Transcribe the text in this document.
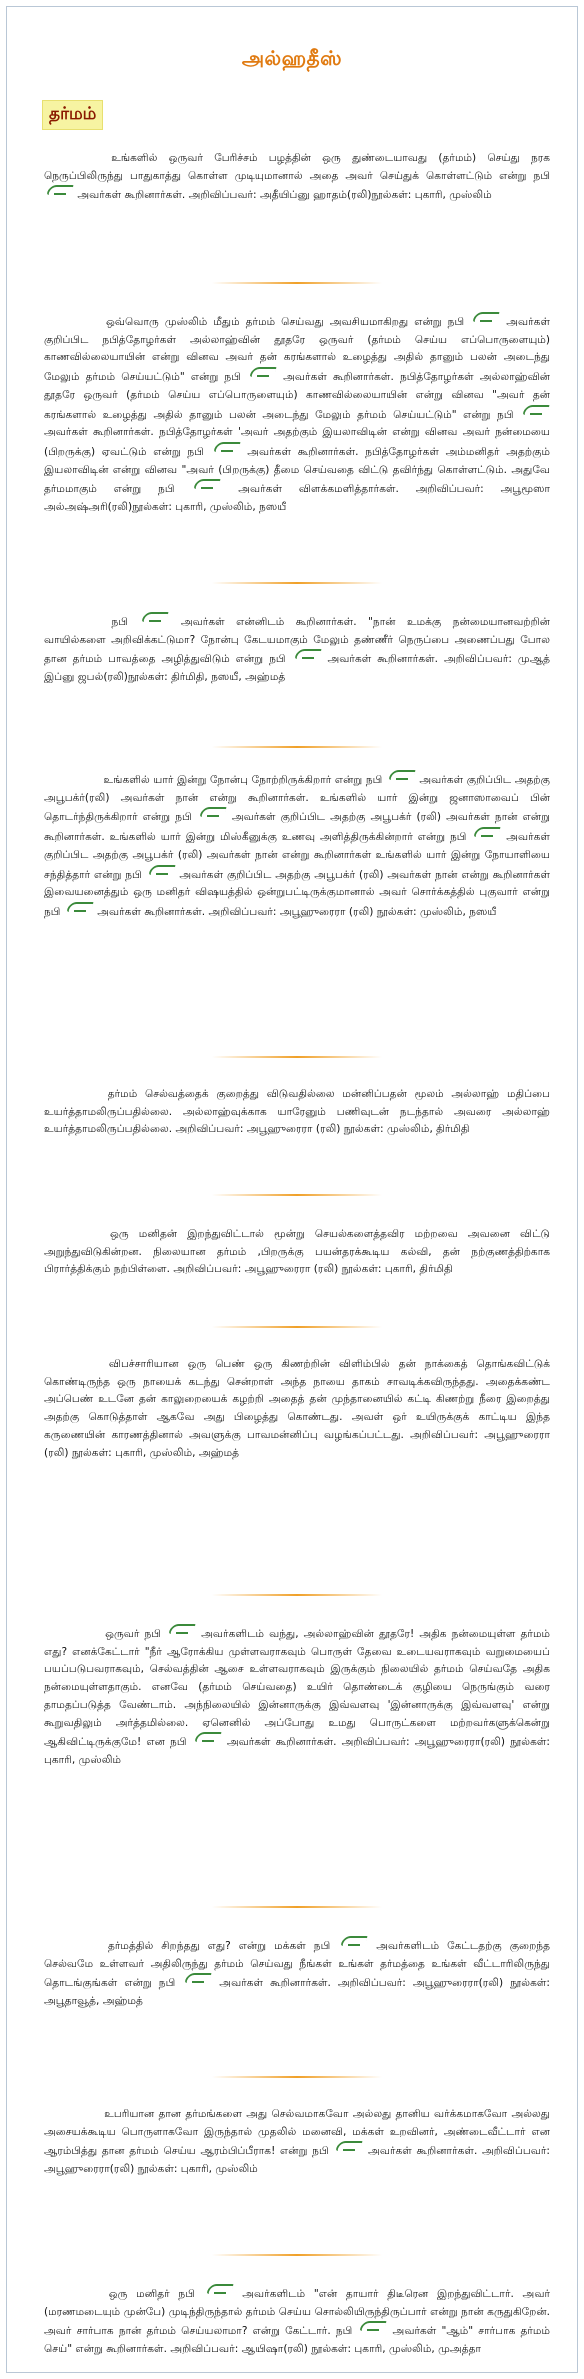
அல்ஹதீஸ்
தர்மம்

உங்களில் ஒருவர் பேரிச்சம் பழத்தின் ஒரு துண்டையாவது (தர்மம்) செய்து நரக நெருப்பிலிருந்து பாதுகாத்து கொள்ள முடியுமானால் அதை அவர் செய்துக் கொள்ளட்டும் என்று நபி  அவர்கள் கூறினார்கள். அறிவிப்பவர்: அதீயிப்னு ஹாதம்(ரலி)நூல்கள்: புகாரி, முஸ்லிம்

ஒவ்வொரு முஸ்லிம் மீதும் தர்மம் செய்வது அவசியமாகிறது என்று நபி	அவர்கள் குறிப்பிட நபித்தோழர்கள் அல்லாஹ்வின் தூதரே ஒருவர் (தர்மம் செய்ய எப்பொருளையும்) காணவில்லையாயின் என்று வினவ அவர் தன் கரங்களால் உழைத்து அதில் தானும் பலன் அடைந்து மேலும் தர்மம் செய்யட்டும்" என்று நபி	அவர்கள் கூறினார்கள். நபித்தோழர்கள் அல்லாஹ்வின் தூதரே ஒருவர் (தர்மம் செய்ய எப்பொருளையும்) காணவில்லையாயின் என்று வினவ "அவர் தன் கரங்களால் உழைத்து அதில் தானும் பலன் அடைந்து மேலும் தர்மம் செய்யட்டும்" என்று நபி  அவர்கள் கூறினார்கள். நபித்தோழர்கள் 'அவர் அதற்கும் இயலாவிடின் என்று வினவ அவர் நன்மையை (பிறருக்கு) ஏவட்டும் என்று நபி	அவர்கள் கூறினார்கள். நபித்தோழர்கள் அம்மனிதர் அதற்கும் இயலாவிடின் என்று வினவ "அவர் (பிறருக்கு) தீமை செய்வதை விட்டு தவிர்ந்து கொள்ளட்டும். அதுவே தர்மமாகும் என்று நபி	அவர்கள் விளக்கமளித்தார்கள். அறிவிப்பவர்: அபூமூஸா அல்அஷ்அரி(ரலி)நூல்கள்: புகாரி, முஸ்லிம், நஸயீ

நபி	அவர்கள் என்னிடம் கூறினார்கள். "நான் உமக்கு நன்மையானவற்றின் வாயில்களை அறிவிக்கட்டுமா? நோன்பு கேடயமாகும் மேலும் தண்ணீர் நெருப்பை அணைப்பது போல தான தர்மம் பாவத்தை அழித்துவிடும் என்று நபி	அவர்கள் கூறினார்கள். அறிவிப்பவர்: முஆத் இப்னு ஜபல்(ரலி)நூல்கள்: திர்மிதி, நஸயீ, அஹ்மத்

உங்களில் யார் இன்று நோன்பு நோற்றிருக்கிறார் என்று நபி	அவர்கள் குறிப்பிட அதற்கு அபூபக்ர்(ரலி) அவர்கள் நான் என்று கூறினார்கள். உங்களில் யார் இன்று ஜனாஸாவைப் பின் தொடர்ந்திருக்கிறார் என்று நபி	அவர்கள் குறிப்பிட அதற்கு அபூபக்ர் (ரலி) அவர்கள் நான் என்று கூறினார்கள். உங்களில் யார் இன்று மிஸ்கீனுக்கு உணவு அளித்திருக்கின்றார் என்று நபி	அவர்கள் குறிப்பிட அதற்கு அபூபக்ர் (ரலி) அவர்கள் நான் என்று கூறினார்கள் உங்களில் யார் இன்று நோயாளியை சந்தித்தார் என்று நபி	அவர்கள் குறிப்பிட அதற்கு அபூபக்ர் (ரலி) அவர்கள் நான் என்று கூறினார்கள் இவையனைத்தும் ஒரு மனிதர் விஷயத்தில் ஒன்றுபட்டிருக்குமானால் அவர் சொர்க்கத்தில் புகுவார் என்று நபி	அவர்கள் கூறினார்கள். அறிவிப்பவர்: அபூஹுரைரா (ரலி) நூல்கள்: முஸ்லிம், நஸயீ

தர்மம் செல்வத்தைக் குறைத்து விடுவதில்லை மன்னிப்பதன் மூலம் அல்லாஹ் மதிப்பை உயர்த்தாமலிருப்பதில்லை. அல்லாஹ்வுக்காக யாரேனும் பணிவுடன் நடந்தால் அவரை அல்லாஹ் உயர்த்தாமலிருப்பதில்லை. அறிவிப்பவர்: அபூஹுரைரா (ரலி) நூல்கள்: முஸ்லிம், திர்மிதி

ஒரு மனிதன் இறந்துவிட்டால் மூன்று செயல்களைத்தவிர மற்றவை அவனை விட்டு அறுந்துவிடுகின்றன. நிலையான தர்மம் ,பிறருக்கு பயன்தரக்கூடிய கல்வி, தன் நற்குணத்திற்காக பிரார்த்திக்கும் நற்பிள்ளை. அறிவிப்பவர்: அபூஹுரைரா (ரலி) நூல்கள்: புகாரி, திர்மிதி

விபச்சாரியான ஒரு பெண் ஒரு கிணற்றின் விளிம்பில் தன் நாக்கைத் தொங்கவிட்டுக் கொண்டிருந்த ஒரு நாயைக் கடந்து சென்றாள் அந்த நாயை தாகம் சாவடிக்கவிருந்தது. அதைக்கண்ட அப்பெண் உடனே தன் காலுறையைக் கழற்றி அதைத் தன் முந்தானையில் கட்டி கிணற்று நீரை இறைத்து அதற்கு கொடுத்தாள் ஆகவே அது பிழைத்து கொண்டது. அவள் ஒர் உயிருக்குக் காட்டிய இந்த கருணையின் காரணத்தினால் அவளுக்கு பாவமன்னிப்பு வழங்கப்பட்டது. அறிவிப்பவர்: அபூஹுரைரா (ரலி) நூல்கள்: புகாரி, முஸ்லிம், அஹ்மத்

ஒருவர் நபி	அவர்களிடம் வந்து, அல்லாஹ்வின் தூதரே! அதிக நன்மையுள்ள தர்மம் எது? எனக்கேட்டார் "நீர் ஆரோக்கிய முள்ளவராகவும் பொருள் தேவை உடையவராகவும் வறுமையைப் பயப்படுபவராகவும், செல்வத்தின் ஆசை உள்ளவராகவும் இருக்கும் நிலையில் தர்மம் செய்வதே அதிக நன்மையுள்ளதாகும். எனவே (தர்மம் செய்வதை) உயிர் தொண்டைக் குழியை நெருங்கும் வரை தாமதப்படுத்த வேண்டாம். அந்நிலையில் இன்னாருக்கு இவ்வளவு 'இன்னாருக்கு இவ்வளவு' என்று கூறுவதிலும் அர்த்தமில்லை. ஏனெனில் அப்போது உமது பொருட்களை மற்றவர்களுக்கென்று ஆகிவிட்டிருக்குமே! என நபி	அவர்கள் கூறினார்கள். அறிவிப்பவர்: அபூஹுரைரா(ரலி) நூல்கள்: புகாரி, முஸ்லிம்

தர்மத்தில் சிறந்தது எது? என்று மக்கள் நபி	அவர்களிடம் கேட்டதற்கு குறைந்த செல்வமே உள்ளவர் அதிலிருந்து தர்மம் செய்வது நீங்கள் உங்கள் தர்மத்தை உங்கள் வீட்டாரிலிருந்து தொடங்குங்கள் என்று நபி	அவர்கள் கூறினார்கள். அறிவிப்பவர்: அபூஹுரைரா(ரலி) நூல்கள்: அபூதாவூத், அஹ்மத்

உபரியான தான தர்மங்களை அது செல்வமாகவோ அல்லது தானிய வர்க்கமாகவோ அல்லது அசையக்கூடிய பொருளாகவோ இருந்தால் முதலில் மனைவி, மக்கள் உறவினர், அண்டைவீட்டார் என ஆரம்பித்து தான தர்மம் செய்ய ஆரம்பிப்பீராக! என்று நபி	அவர்கள் கூறினார்கள். அறிவிப்பவர்: அபூஹுரைரா(ரலி) நூல்கள்: புகாரி, முஸ்லிம்

ஒரு மனிதர் நபி	அவர்களிடம் "என் தாயார் திடீரென இறந்துவிட்டார். அவர் (மரணமடையும் முன்பே) முடிந்திருந்தால் தர்மம் செய்ய சொல்லியிருந்திருப்பார் என்று நான் கருதுகிறேன். அவர் சார்பாக நான் தர்மம் செய்யலாமா? என்று கேட்டார். நபி	அவர்கள் "ஆம்" சார்பாக தர்மம் செய்" என்று கூறினார்கள். அறிவிப்பவர்: ஆயிஷா(ரலி) நூல்கள்: புகாரி, முஸ்லிம், முஅத்தா
